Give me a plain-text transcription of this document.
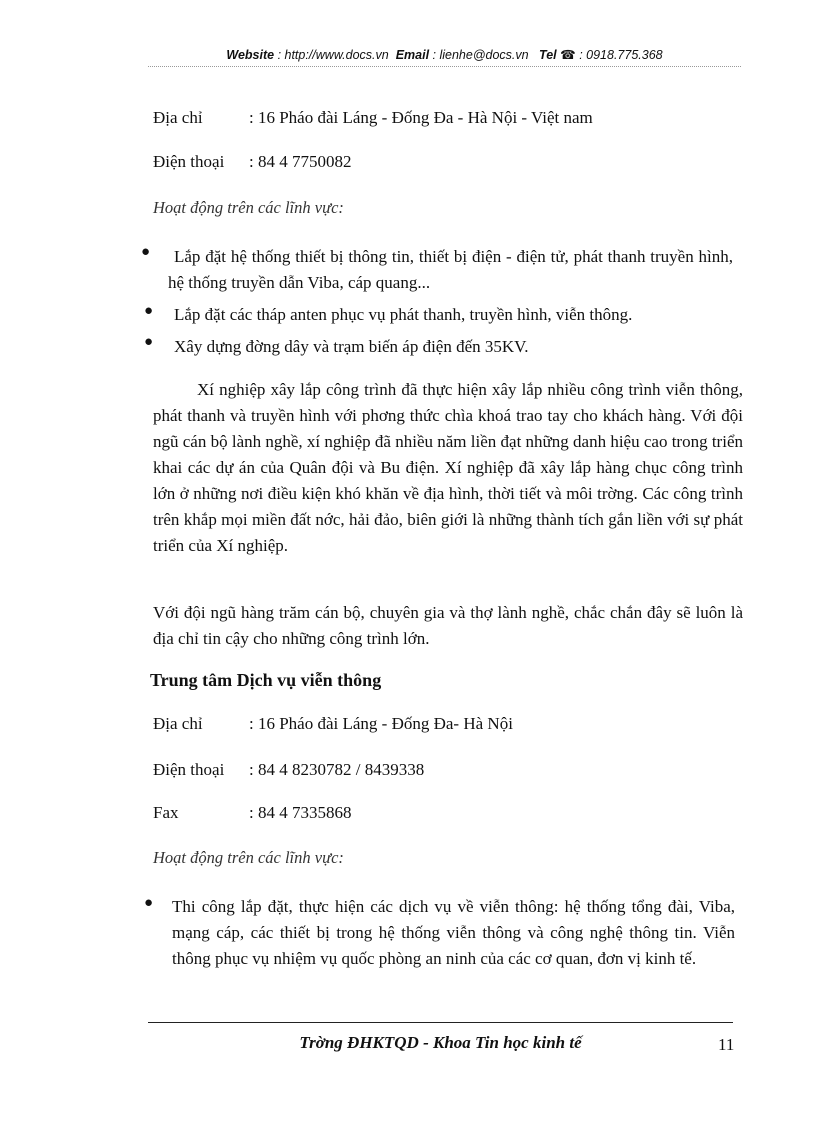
Website : http://www.docs.vn Email : lienhe@docs.vn Tel ☎ : 0918.775.368
Địa chỉ	: 16 Pháo đài Láng - Đống Đa - Hà Nội - Việt nam
Điện thoại : 84 4 7750082
Hoạt động trên các lĩnh vực:
●	Lắp đặt hệ thống thiết bị thông tin, thiết bị điện - điện tử, phát thanh truyền hình, hệ thống truyền dẫn Viba, cáp quang...
● Lắp đặt các tháp anten phục vụ phát thanh, truyền hình, viễn thông.
● Xây dựng đờng dây và trạm biến áp điện đến 35KV.
Xí nghiệp xây lắp công trình đã thực hiện xây lắp nhiều công trình viễn thông, phát thanh và truyền hình với phơng thức chìa khoá trao tay cho khách hàng. Với đội ngũ cán bộ lành nghề, xí nghiệp đã nhiều năm liền đạt những danh hiệu cao trong triển khai các dự án của Quân đội và Bu điện. Xí nghiệp đã xây lắp hàng chục công trình lớn ở những nơi điều kiện khó khăn về địa hình, thời tiết và môi trờng. Các công trình trên khắp mọi miền đất nớc, hải đảo, biên giới là những thành tích gắn liền với sự phát triển của Xí nghiệp.
Với đội ngũ hàng trăm cán bộ, chuyên gia và thợ lành nghề, chắc chắn đây sẽ luôn là địa chỉ tin cậy cho những công trình lớn.
Trung tâm Dịch vụ viễn thông
Địa chỉ	: 16 Pháo đài Láng - Đống Đa- Hà Nội
Điện thoại : 84 4 8230782 / 8439338
Fax	: 84 4 7335868
Hoạt động trên các lĩnh vực:
● Thi công lắp đặt, thực hiện các dịch vụ về viễn thông: hệ thống tổng đài, Viba, mạng cáp, các thiết bị trong hệ thống viễn thông và công nghệ thông tin. Viễn thông phục vụ nhiệm vụ quốc phòng an ninh của các cơ quan, đơn vị kinh tế.
Trờng ĐHKTQD - Khoa Tin học kinh tế	11
